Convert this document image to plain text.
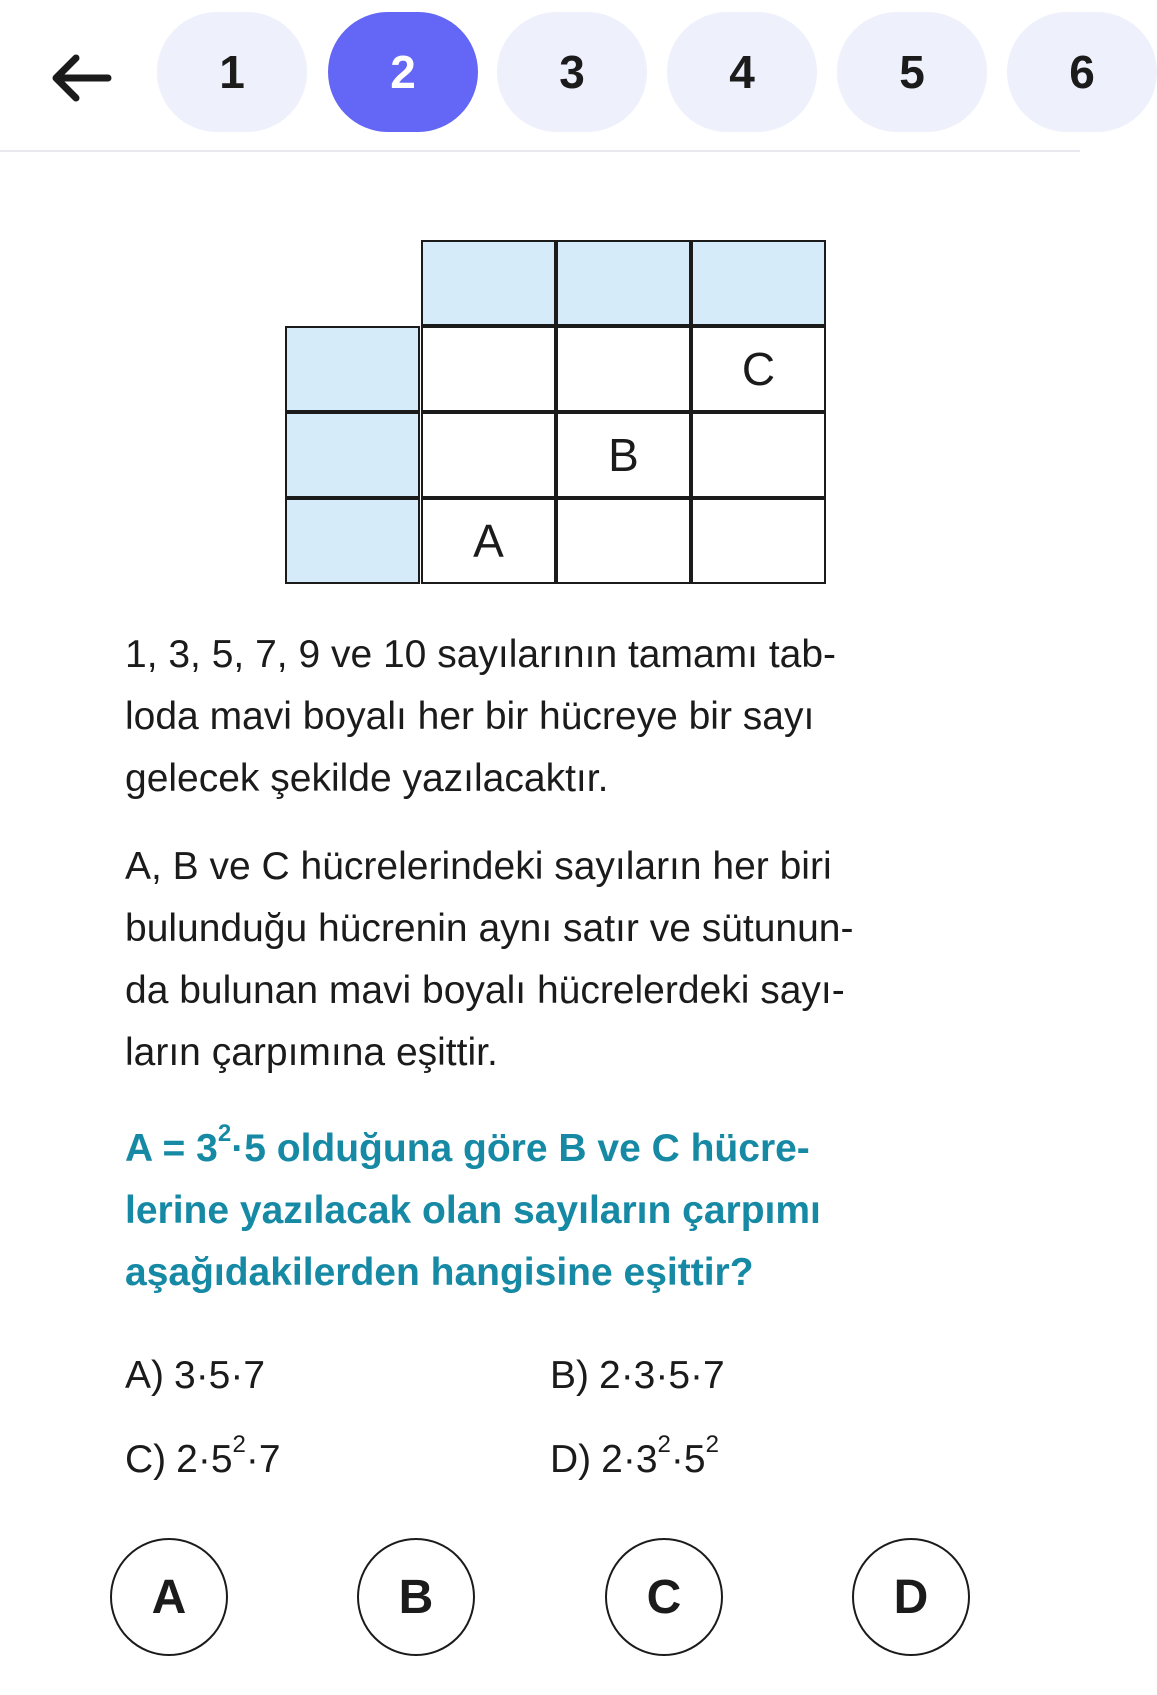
1	2	3	4	5	6
C
B
A
1, 3, 5, 7, 9 ve 10 sayılarının tamamı tab-
loda mavi boyalı her bir hücreye bir sayı
gelecek şekilde yazılacaktır.
A, B ve C hücrelerindeki sayıların her biri
bulunduğu hücrenin aynı satır ve sütunun-
da bulunan mavi boyalı hücrelerdeki sayı-
ların çarpımına eşittir.
$A = 3^2\cdot 5$ olduğuna göre B ve C hücre-
lerine yazılacak olan sayıların çarpımı
aşağıdakilerden hangisine eşittir?
A) 3·5·7	B) 2·3·5·7
C) $2\cdot 5^2\cdot 7$	D) $2\cdot 3^2\cdot 5^2$
A	B	C	D
